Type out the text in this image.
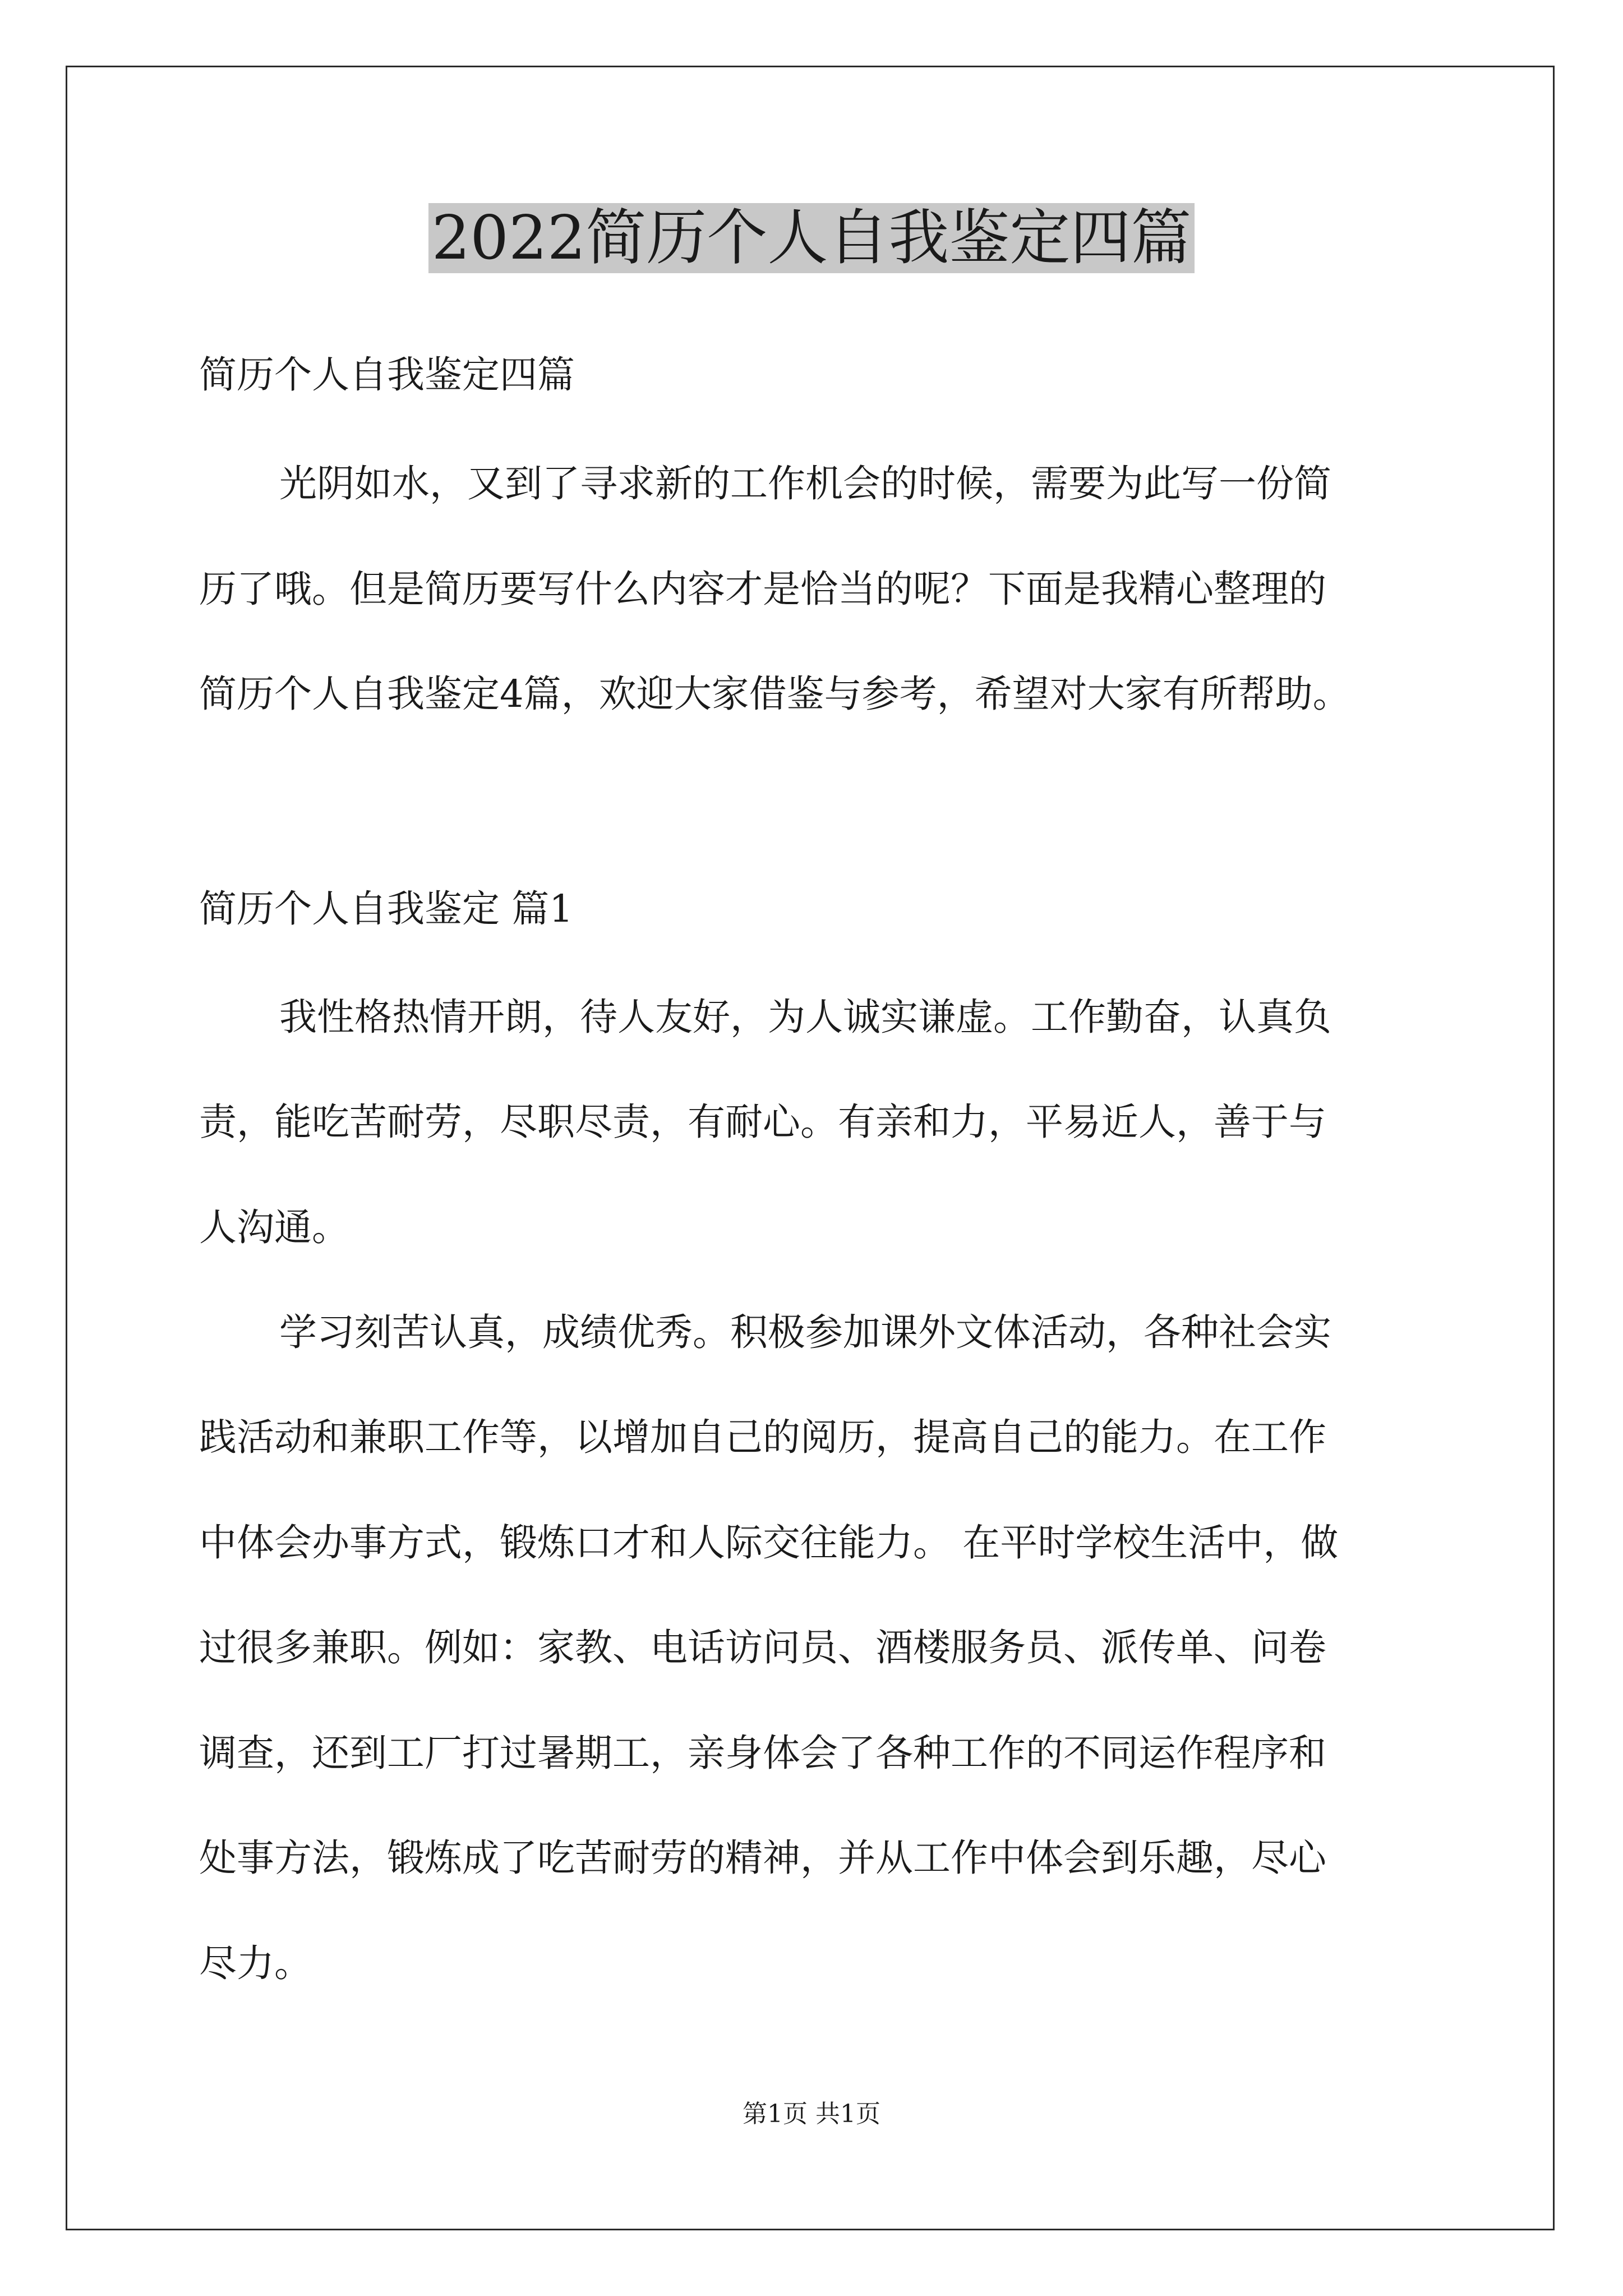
2022简历个人自我鉴定四篇
简历个人自我鉴定四篇
光阴如水，又到了寻求新的工作机会的时候，需要为此写一份简
历了哦。但是简历要写什么内容才是恰当的呢？下面是我精心整理的
简历个人自我鉴定4篇，欢迎大家借鉴与参考，希望对大家有所帮助。
简历个人自我鉴定 篇1
我性格热情开朗，待人友好，为人诚实谦虚。工作勤奋，认真负
责，能吃苦耐劳，尽职尽责，有耐心。有亲和力，平易近人，善于与
人沟通。
学习刻苦认真，成绩优秀。积极参加课外文体活动，各种社会实
践活动和兼职工作等，以增加自己的阅历，提高自己的能力。在工作
中体会办事方式，锻炼口才和人际交往能力。 在平时学校生活中，做
过很多兼职。例如：家教、电话访问员、酒楼服务员、派传单、问卷
调查，还到工厂打过暑期工，亲身体会了各种工作的不同运作程序和
处事方法，锻炼成了吃苦耐劳的精神，并从工作中体会到乐趣，尽心
尽力。
第1页 共1页
